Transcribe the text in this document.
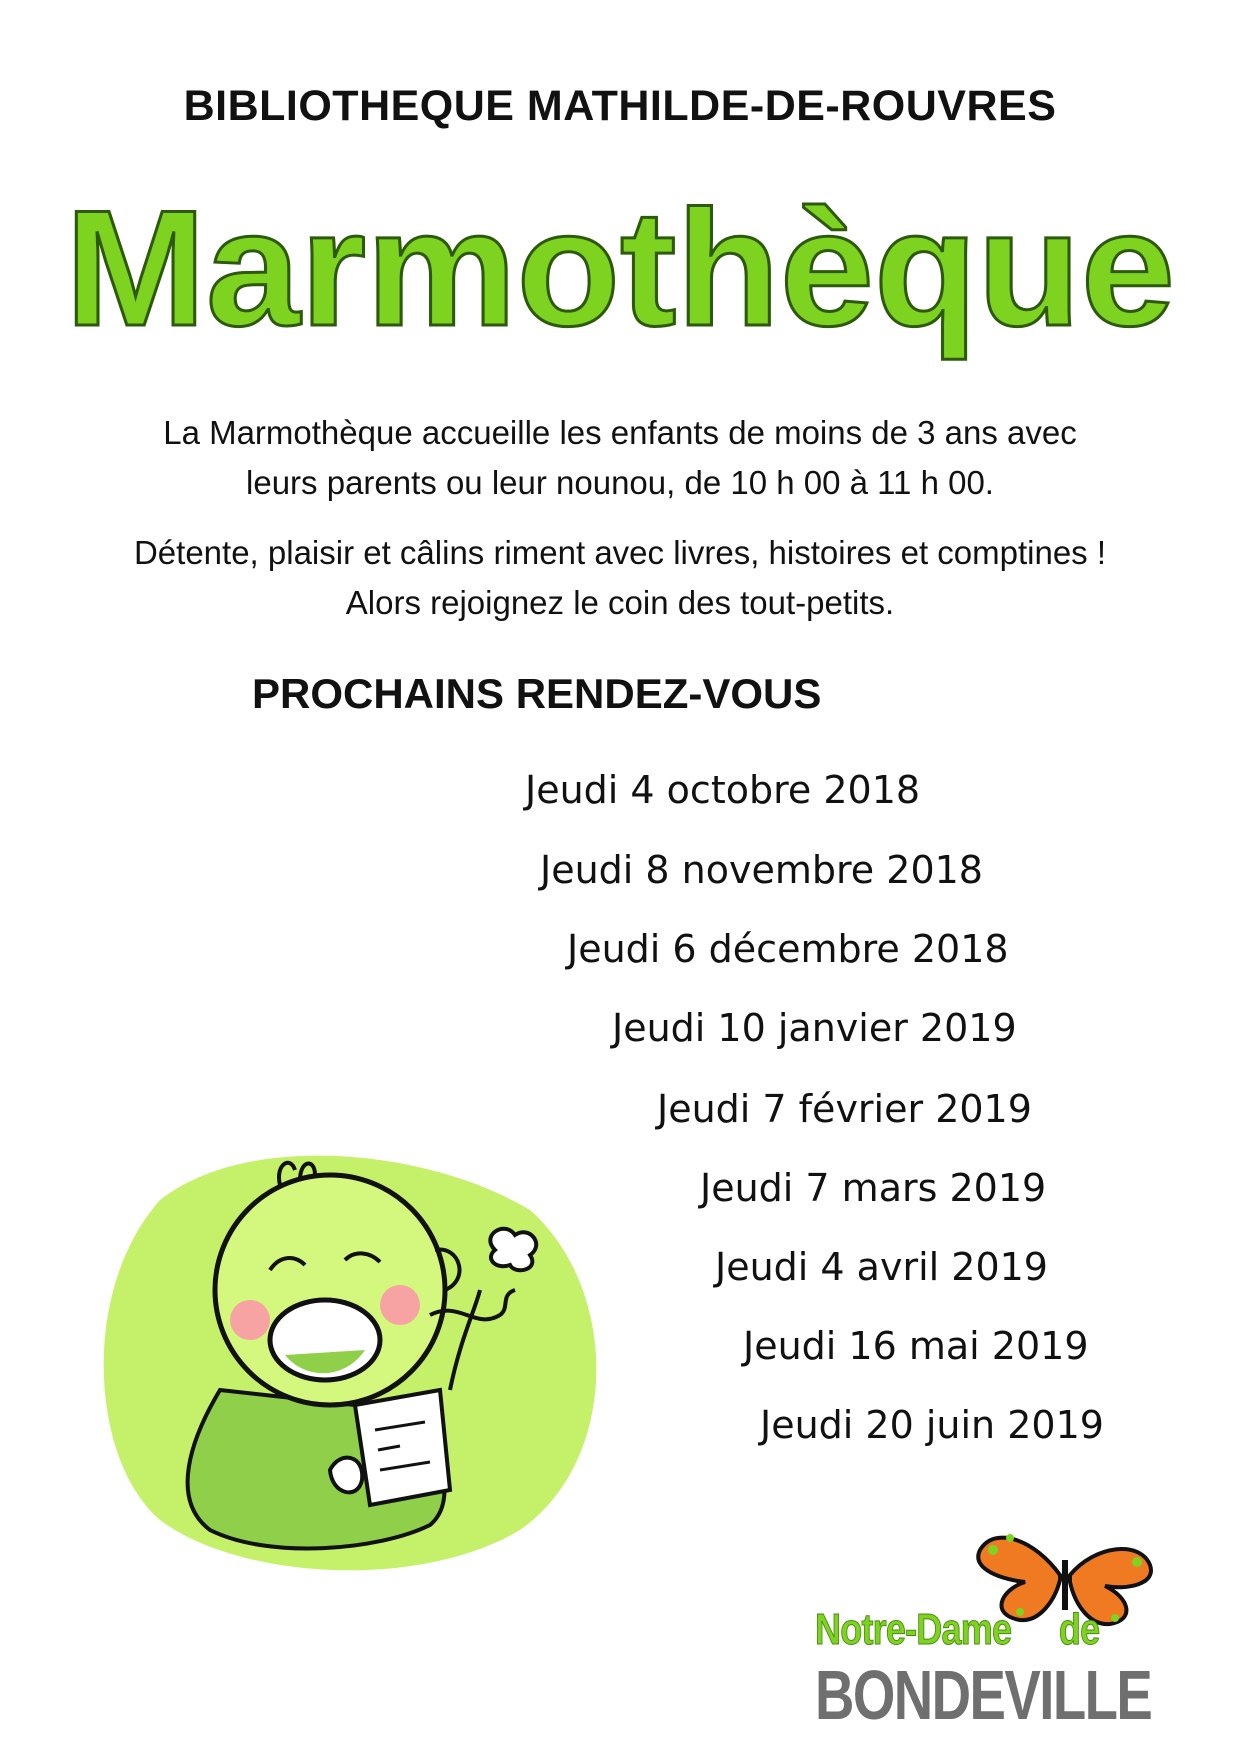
BIBLIOTHEQUE MATHILDE-DE-ROUVRES
Marmothèque
La Marmothèque accueille les enfants de moins de 3 ans avec
leurs parents ou leur nounou, de 10 h 00 à 11 h 00.
Détente, plaisir et câlins riment avec livres, histoires et comptines !
Alors rejoignez le coin des tout-petits.
PROCHAINS RENDEZ-VOUS
Jeudi 4 octobre 2018
Jeudi 8 novembre 2018
Jeudi 6 décembre 2018
Jeudi 10 janvier 2019
Jeudi 7 février 2019
Jeudi 7 mars 2019
Jeudi 4 avril 2019
Jeudi 16 mai 2019
Jeudi 20 juin 2019
Notre-Dame de
BONDEVILLE
